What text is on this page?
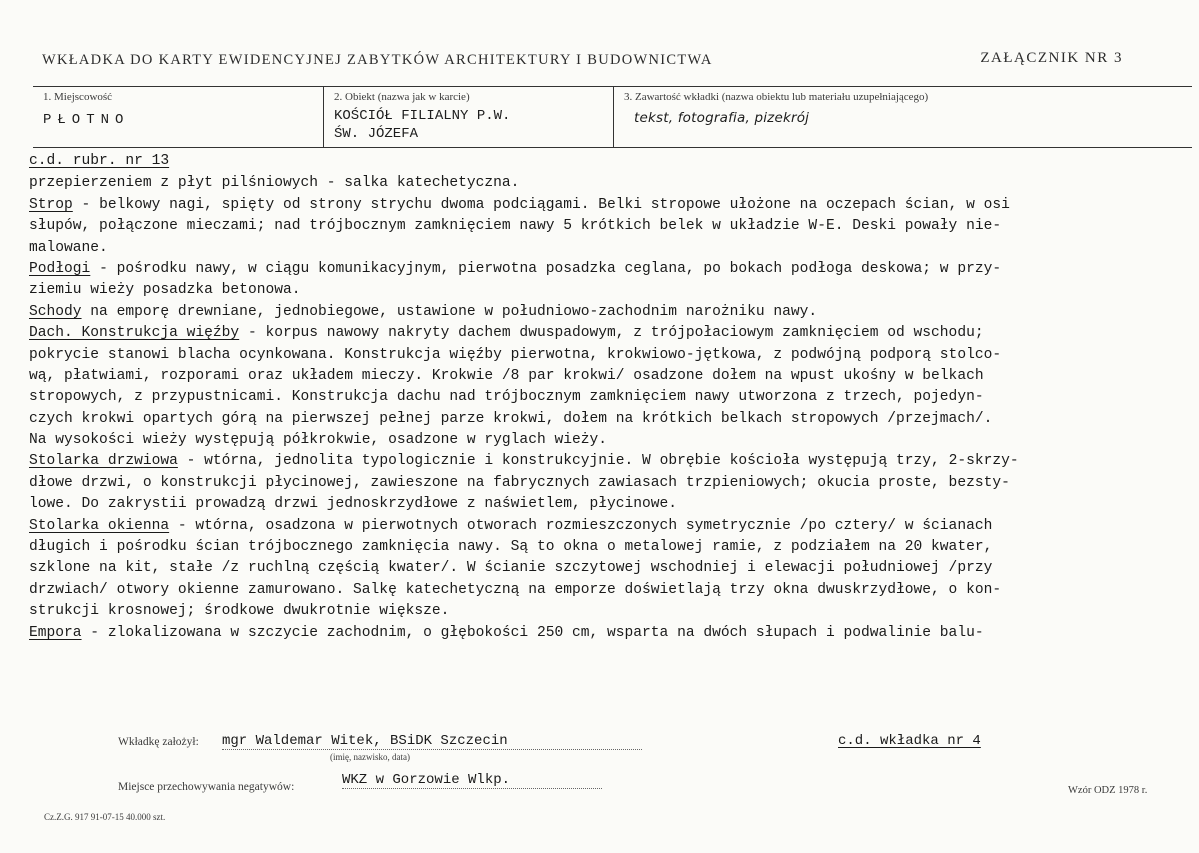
WKŁADKA DO KARTY EWIDENCYJNEJ ZABYTKÓW ARCHITEKTURY I BUDOWNICTWA	ZAŁĄCZNIK NR 3
1. Miejscowość
PŁOTNO
2. Obiekt (nazwa jak w karcie)
KOŚCIÓŁ FILIALNY P.W.
ŚW. JÓZEFA
3. Zawartość wkładki (nazwa obiektu lub materiału uzupełniającego)
tekst, fotografia, pizekrój
c.d. rubr. nr 13
przepierzeniem z płyt pilśniowych - salka katechetyczna.
Strop - belkowy nagi, spięty od strony strychu dwoma podciągami. Belki stropowe ułożone na oczepach ścian, w osi
słupów, połączone mieczami; nad trójbocznym zamknięciem nawy 5 krótkich belek w układzie W-E. Deski powały nie-
malowane.
Podłogi - pośrodku nawy, w ciągu komunikacyjnym, pierwotna posadzka ceglana, po bokach podłoga deskowa; w przy-
ziemiu wieży posadzka betonowa.
Schody na emporę drewniane, jednobiegowe, ustawione w południowo-zachodnim narożniku nawy.
Dach. Konstrukcja więźby - korpus nawowy nakryty dachem dwuspadowym, z trójpołaciowym zamknięciem od wschodu;
pokrycie stanowi blacha ocynkowana. Konstrukcja więźby pierwotna, krokwiowo-jętkowa, z podwójną podporą stolco-
wą, płatwiami, rozporami oraz układem mieczy. Krokwie /8 par krokwi/ osadzone dołem na wpust ukośny w belkach
stropowych, z przypustnicami. Konstrukcja dachu nad trójbocznym zamknięciem nawy utworzona z trzech, pojedyn-
czych krokwi opartych górą na pierwszej pełnej parze krokwi, dołem na krótkich belkach stropowych /przejmach/.
Na wysokości wieży występują półkrokwie, osadzone w ryglach wieży.
Stolarka drzwiowa - wtórna, jednolita typologicznie i konstrukcyjnie. W obrębie kościoła występują trzy, 2-skrzy-
dłowe drzwi, o konstrukcji płycinowej, zawieszone na fabrycznych zawiasach trzpieniowych; okucia proste, bezsty-
lowe. Do zakrystii prowadzą drzwi jednoskrzydłowe z naświetlem, płycinowe.
Stolarka okienna - wtórna, osadzona w pierwotnych otworach rozmieszczonych symetrycznie /po cztery/ w ścianach
długich i pośrodku ścian trójbocznego zamknięcia nawy. Są to okna o metalowej ramie, z podziałem na 20 kwater,
szklone na kit, stałe /z ruchlną częścią kwater/. W ścianie szczytowej wschodniej i elewacji południowej /przy
drzwiach/ otwory okienne zamurowano. Salkę katechetyczną na emporze doświetlają trzy okna dwuskrzydłowe, o kon-
strukcji krosnowej; środkowe dwukrotnie większe.
Empora - zlokalizowana w szczycie zachodnim, o głębokości 250 cm, wsparta na dwóch słupach i podwalinie balu-
Wkładkę założył: mgr Waldemar Witek, BSiDK Szczecin
(imię, nazwisko, data)
c.d. wkładka nr 4
Miejsce przechowywania negatywów:	WKZ w Gorzowie Wlkp.
Cz.Z.G. 917 91-07-15 40.000 szt.
Wzór ODZ 1978 r.
